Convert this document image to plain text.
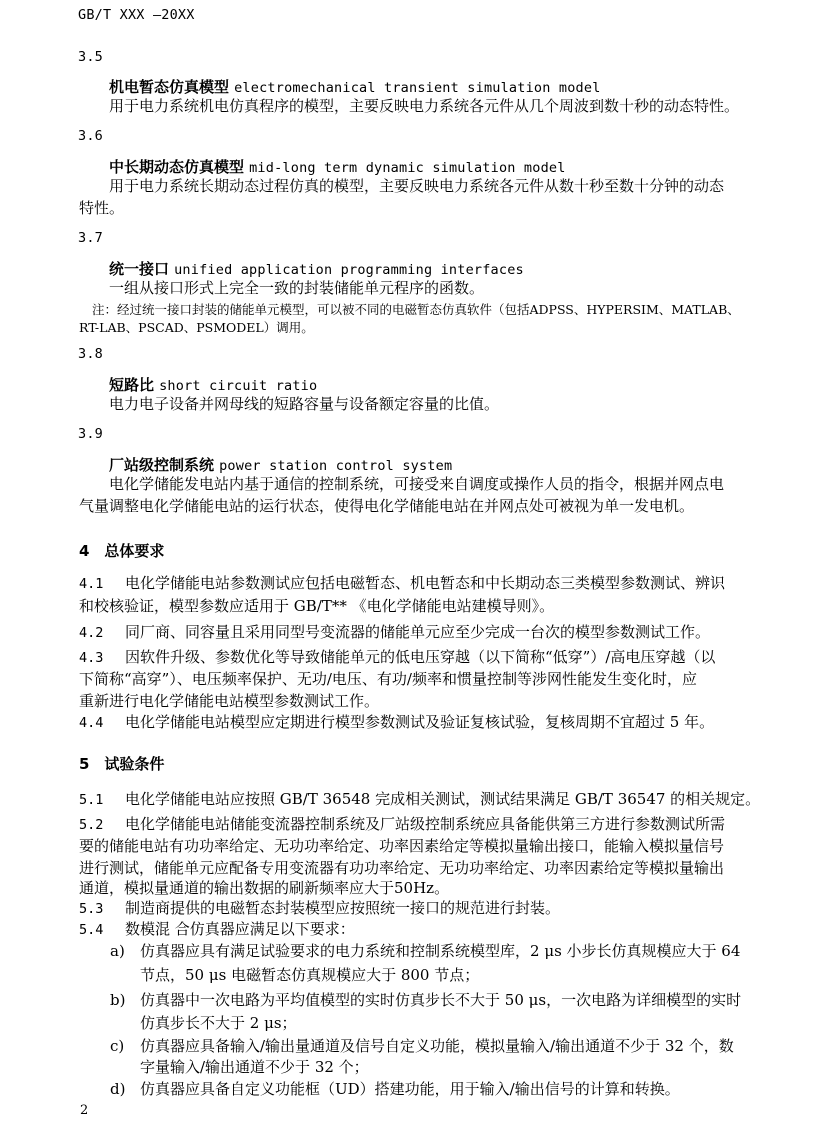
GB/T XXX —20XX
3.5
机电暂态仿真模型 electromechanical transient simulation model
用于电力系统机电仿真程序的模型，主要反映电力系统各元件从几个周波到数十秒的动态特性。
3.6
中长期动态仿真模型 mid-long term dynamic simulation model
用于电力系统长期动态过程仿真的模型，主要反映电力系统各元件从数十秒至数十分钟的动态
特性。
3.7
统一接口 unified application programming interfaces
一组从接口形式上完全一致的封装储能单元程序的函数。
注：经过统一接口封装的储能单元模型，可以被不同的电磁暂态仿真软件（包括ADPSS、HYPERSIM、MATLAB、
RT-LAB、PSCAD、PSMODEL）调用。
3.8
短路比 short circuit ratio
电力电子设备并网母线的短路容量与设备额定容量的比值。
3.9
厂站级控制系统 power station control system
电化学储能发电站内基于通信的控制系统，可接受来自调度或操作人员的指令，根据并网点电
气量调整电化学储能电站的运行状态，使得电化学储能电站在并网点处可被视为单一发电机。
4　总体要求
4.1 电化学储能电站参数测试应包括电磁暂态、机电暂态和中长期动态三类模型参数测试、辨识
和校核验证，模型参数应适用于 GB/T** 《电化学储能电站建模导则》。
4.2 同厂商、同容量且采用同型号变流器的储能单元应至少完成一台次的模型参数测试工作。
4.3 因软件升级、参数优化等导致储能单元的低电压穿越（以下简称“低穿”）/高电压穿越（以
下简称“高穿”）、电压频率保护、无功/电压、有功/频率和惯量控制等涉网性能发生变化时，应
重新进行电化学储能电站模型参数测试工作。
4.4 电化学储能电站模型应定期进行模型参数测试及验证复核试验，复核周期不宜超过 5 年。
5　试验条件
5.1 电化学储能电站应按照 GB/T 36548 完成相关测试，测试结果满足 GB/T 36547 的相关规定。
5.2 电化学储能电站储能变流器控制系统及厂站级控制系统应具备能供第三方进行参数测试所需
要的储能电站有功功率给定、无功功率给定、功率因素给定等模拟量输出接口，能输入模拟量信号
进行测试，储能单元应配备专用变流器有功功率给定、无功功率给定、功率因素给定等模拟量输出
通道，模拟量通道的输出数据的刷新频率应大于50Hz。
5.3 制造商提供的电磁暂态封装模型应按照统一接口的规范进行封装。
5.4 数模混 合仿真器应满足以下要求：
a) 仿真器应具有满足试验要求的电力系统和控制系统模型库，2 μs 小步长仿真规模应大于 64
节点，50 μs 电磁暂态仿真规模应大于 800 节点；
b) 仿真器中一次电路为平均值模型的实时仿真步长不大于 50 μs，一次电路为详细模型的实时
仿真步长不大于 2 μs；
c) 仿真器应具备输入/输出量通道及信号自定义功能，模拟量输入/输出通道不少于 32 个，数
字量输入/输出通道不少于 32 个；
d) 仿真器应具备自定义功能框（UD）搭建功能，用于输入/输出信号的计算和转换。
2
